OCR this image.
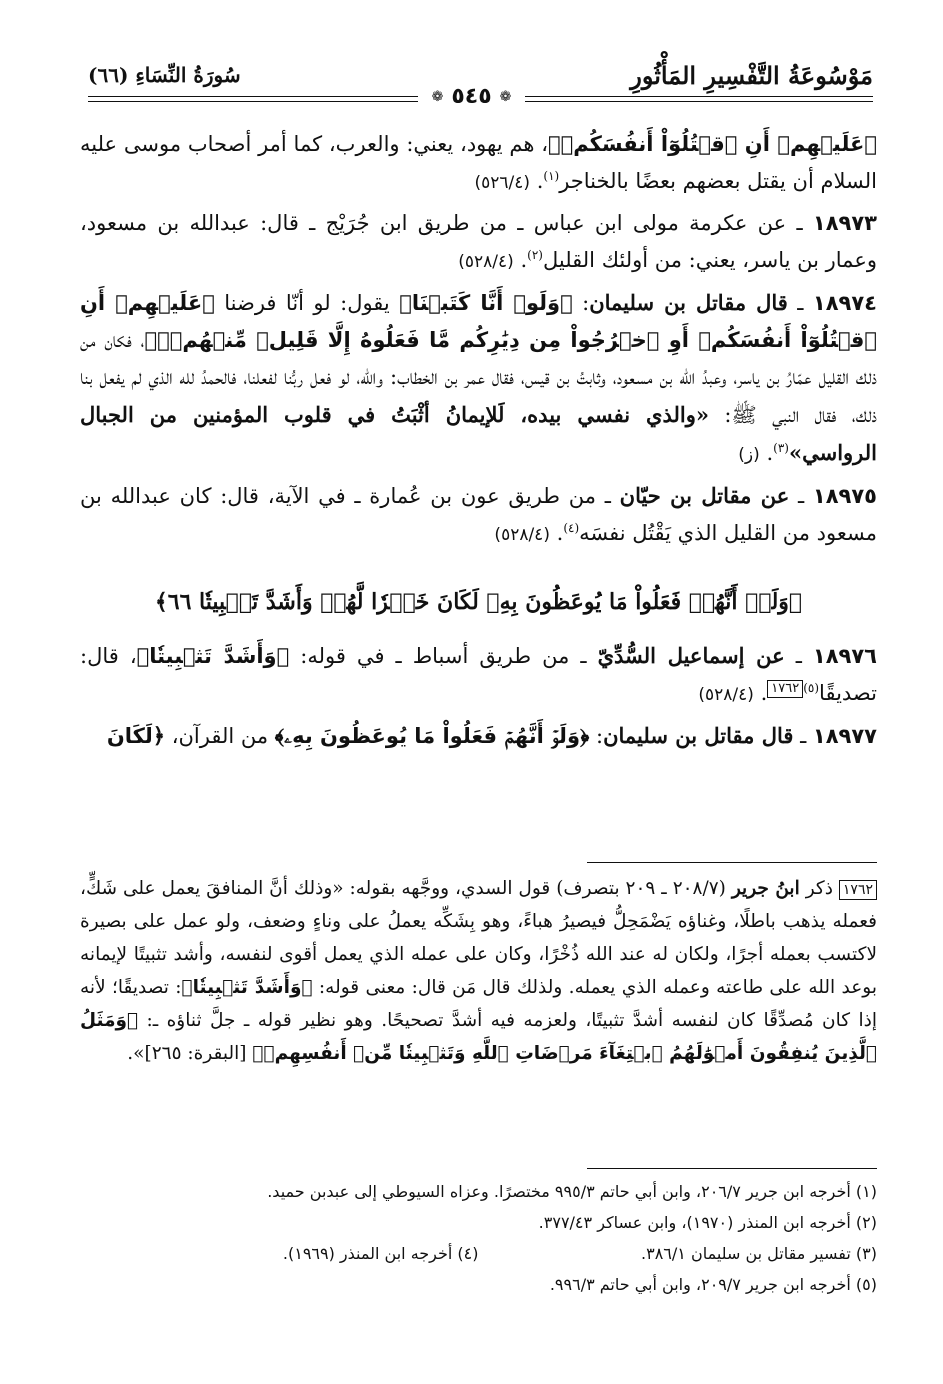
مَوْسُوعَةُ التَّفْسِيرِ المَأْثُورِ
سُورَةُ النِّسَاءِ (٦٦)
❁
٥٤٥
❁

﴿عَلَيۡهِمۡ أَنِ ٱقۡتُلُوٓاْ أَنفُسَكُمۡ﴾، هم يهود، يعني: والعرب، كما أمر أصحاب موسى عليه السلام أن يقتل بعضهم بعضًا بالخناجر$^{(١)}$. (٥٢٦/٤)

١٨٩٧٣ ـ عن عكرمة مولى ابن عباس ـ من طريق ابن جُرَيْج ـ قال: عبدالله بن مسعود، وعمار بن ياسر، يعني: من أولئك القليل$^{(٢)}$. (٥٢٨/٤)

١٨٩٧٤ ـ قال مقاتل بن سليمان: ﴿وَلَوۡ أَنَّا كَتَبۡنَا﴾ يقول: لو أنّا فرضنا ﴿عَلَيۡهِمۡ أَنِ ٱقۡتُلُوٓاْ أَنفُسَكُمۡ أَوِ ٱخۡرُجُواْ مِن دِيَٰرِكُم مَّا فَعَلُوهُ إِلَّا قَلِيلٞ مِّنۡهُمۡۖ﴾، فكان من ذلك القليل عمّارُ بن ياسر، وعبدُ الله بن مسعود، وثابتُ بن قيس، فقال عمر بن الخطاب: والله، لو فعل ربُّنا لفعلنا، فالحمدُ لله الذي لم يفعل بنا ذلك، فقال النبي ﷺ: «والذي نفسي بيده، لَلإيمانُ أثْبَتُ في قلوب المؤمنين من الجبال الرواسي»$^{(٣)}$. (ز)

١٨٩٧٥ ـ عن مقاتل بن حيّان ـ من طريق عون بن عُمارة ـ في الآية، قال: كان عبدالله بن مسعود من القليل الذي يَقْتُل نفسَه$^{(٤)}$. (٥٢٨/٤)

﴿وَلَوۡ أَنَّهُمۡ فَعَلُواْ مَا يُوعَظُونَ بِهِۦ لَكَانَ خَيۡرٗا لَّهُمۡ وَأَشَدَّ تَثۡبِيتٗا ٦٦﴾

١٨٩٧٦ ـ عن إسماعيل السُّدِّيّ ـ من طريق أسباط ـ في قوله: ﴿وَأَشَدَّ تَثۡبِيتٗا﴾، قال: تصديقًا$^{(٥)}$١٧٦٢. (٥٢٨/٤)

١٨٩٧٧ ـ قال مقاتل بن سليمان: ﴿وَلَوۡ أَنَّهُمۡ فَعَلُواْ مَا يُوعَظُونَ بِهِۦ﴾ من القرآن، ﴿لَكَانَ

١٧٦٢ ذكر ابنُ جرير (٢٠٨/٧ ـ ٢٠٩ بتصرف) قول السدي، ووجَّهه بقوله: «وذلك أنَّ المنافقَ يعمل على شَكٍّ، فعمله يذهب باطلًا، وغناؤه يَضْمَحِلُّ فيصيرُ هباءً، وهو بِشَكِّه يعملُ على وناءٍ وضعف، ولو عمل على بصيرة لاكتسب بعمله أجرًا، ولكان له عند الله ذُخْرًا، وكان على عمله الذي يعمل أقوى لنفسه، وأشد تثبيتًا لإيمانه بوعد الله على طاعته وعمله الذي يعمله. ولذلك قال مَن قال: معنى قوله: ﴿وَأَشَدَّ تَثۡبِيتٗا﴾: تصديقًا؛ لأنه إذا كان مُصدِّقًا كان لنفسه أشدَّ تثبيتًا، ولعزمه فيه أشدَّ تصحيحًا. وهو نظير قوله ـ جلَّ ثناؤه ـ: ﴿وَمَثَلُ ٱلَّذِينَ يُنفِقُونَ أَمۡوَٰلَهُمُ ٱبۡتِغَآءَ مَرۡضَاتِ ٱللَّهِ وَتَثۡبِيتٗا مِّنۡ أَنفُسِهِمۡ﴾ [البقرة: ٢٦٥]».
(١) أخرجه ابن جرير ٢٠٦/٧، وابن أبي حاتم ٩٩٥/٣ مختصرًا. وعزاه السيوطي إلى عبدبن حميد.
(٢) أخرجه ابن المنذر (١٩٧٠)، وابن عساكر ٣٧٧/٤٣.
(٣) تفسير مقاتل بن سليمان ٣٨٦/١.
(٤) أخرجه ابن المنذر (١٩٦٩).
(٥) أخرجه ابن جرير ٢٠٩/٧، وابن أبي حاتم ٩٩٦/٣.
